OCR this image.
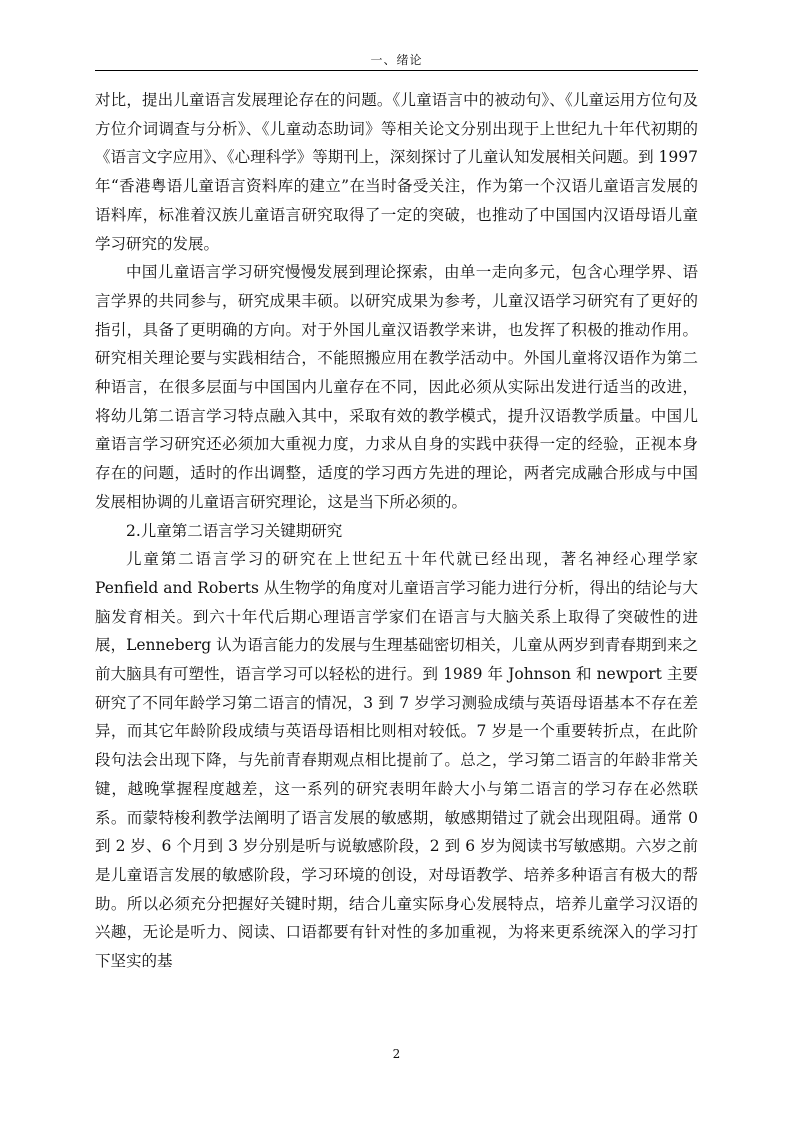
一、绪论

对比，提出儿童语言发展理论存在的问题。《儿童语言中的被动句》、《儿童运用方位句及方位介词调查与分析》、《儿童动态助词》等相关论文分别出现于上世纪九十年代初期的《语言文字应用》、《心理科学》等期刊上，深刻探讨了儿童认知发展相关问题。到 1997 年“香港粤语儿童语言资料库的建立”在当时备受关注，作为第一个汉语儿童语言发展的语料库，标准着汉族儿童语言研究取得了一定的突破，也推动了中国国内汉语母语儿童学习研究的发展。

中国儿童语言学习研究慢慢发展到理论探索，由单一走向多元，包含心理学界、语言学界的共同参与，研究成果丰硕。以研究成果为参考，儿童汉语学习研究有了更好的指引，具备了更明确的方向。对于外国儿童汉语教学来讲，也发挥了积极的推动作用。研究相关理论要与实践相结合，不能照搬应用在教学活动中。外国儿童将汉语作为第二种语言，在很多层面与中国国内儿童存在不同，因此必须从实际出发进行适当的改进，将幼儿第二语言学习特点融入其中，采取有效的教学模式，提升汉语教学质量。中国儿童语言学习研究还必须加大重视力度，力求从自身的实践中获得一定的经验，正视本身存在的问题，适时的作出调整，适度的学习西方先进的理论，两者完成融合形成与中国发展相协调的儿童语言研究理论，这是当下所必须的。

2.儿童第二语言学习关键期研究

儿童第二语言学习的研究在上世纪五十年代就已经出现，著名神经心理学家 Penfield and Roberts 从生物学的角度对儿童语言学习能力进行分析，得出的结论与大脑发育相关。到六十年代后期心理语言学家们在语言与大脑关系上取得了突破性的进展，Lenneberg 认为语言能力的发展与生理基础密切相关，儿童从两岁到青春期到来之前大脑具有可塑性，语言学习可以轻松的进行。到 1989 年 Johnson 和 newport 主要研究了不同年龄学习第二语言的情况，3 到 7 岁学习测验成绩与英语母语基本不存在差异，而其它年龄阶段成绩与英语母语相比则相对较低。7 岁是一个重要转折点，在此阶段句法会出现下降，与先前青春期观点相比提前了。总之，学习第二语言的年龄非常关键，越晚掌握程度越差，这一系列的研究表明年龄大小与第二语言的学习存在必然联系。而蒙特梭利教学法阐明了语言发展的敏感期，敏感期错过了就会出现阻碍。通常 0 到 2 岁、6 个月到 3 岁分别是听与说敏感阶段，2 到 6 岁为阅读书写敏感期。六岁之前是儿童语言发展的敏感阶段，学习环境的创设，对母语教学、培养多种语言有极大的帮助。所以必须充分把握好关键时期，结合儿童实际身心发展特点，培养儿童学习汉语的兴趣，无论是听力、阅读、口语都要有针对性的多加重视，为将来更系统深入的学习打下坚实的基

2
